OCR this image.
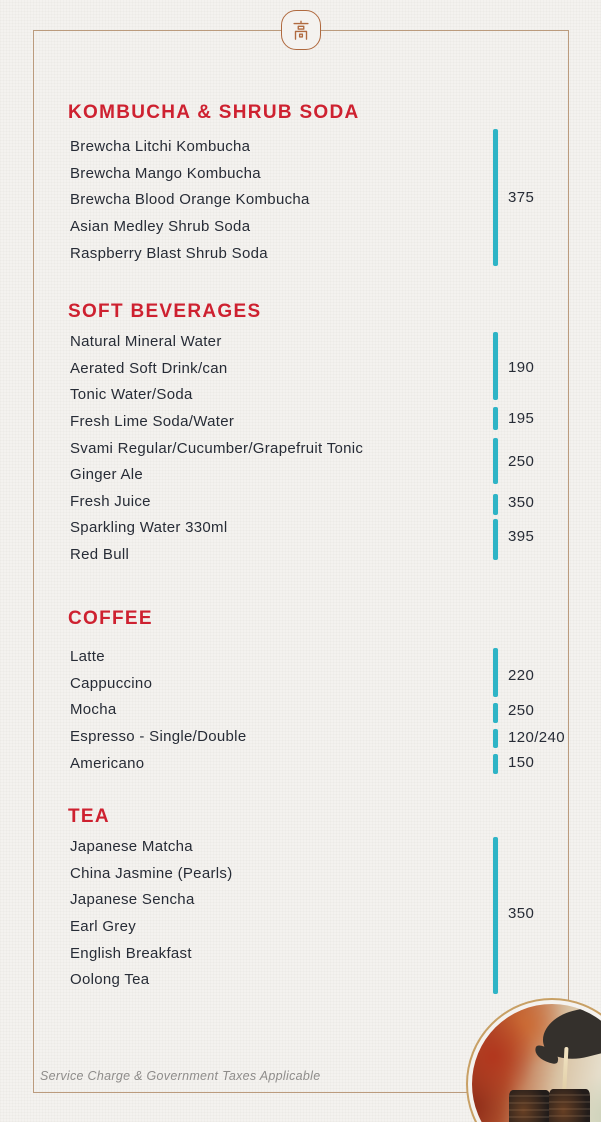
KOMBUCHA & SHRUB SODA
Brewcha Litchi Kombucha
Brewcha Mango Kombucha
Brewcha Blood Orange Kombucha
Asian Medley Shrub Soda
Raspberry Blast Shrub Soda
375
SOFT BEVERAGES
Natural Mineral Water
Aerated Soft Drink/can
Tonic Water/Soda
Fresh Lime Soda/Water
Svami Regular/Cucumber/Grapefruit Tonic
Ginger Ale
Fresh Juice
Sparkling Water 330ml
Red Bull
190
195
250
350
395
COFFEE
Latte
Cappuccino
Mocha
Espresso - Single/Double
Americano
220
250
120/240
150
TEA
Japanese Matcha
China Jasmine (Pearls)
Japanese Sencha
Earl Grey
English Breakfast
Oolong Tea
350
Service Charge & Government Taxes Applicable
